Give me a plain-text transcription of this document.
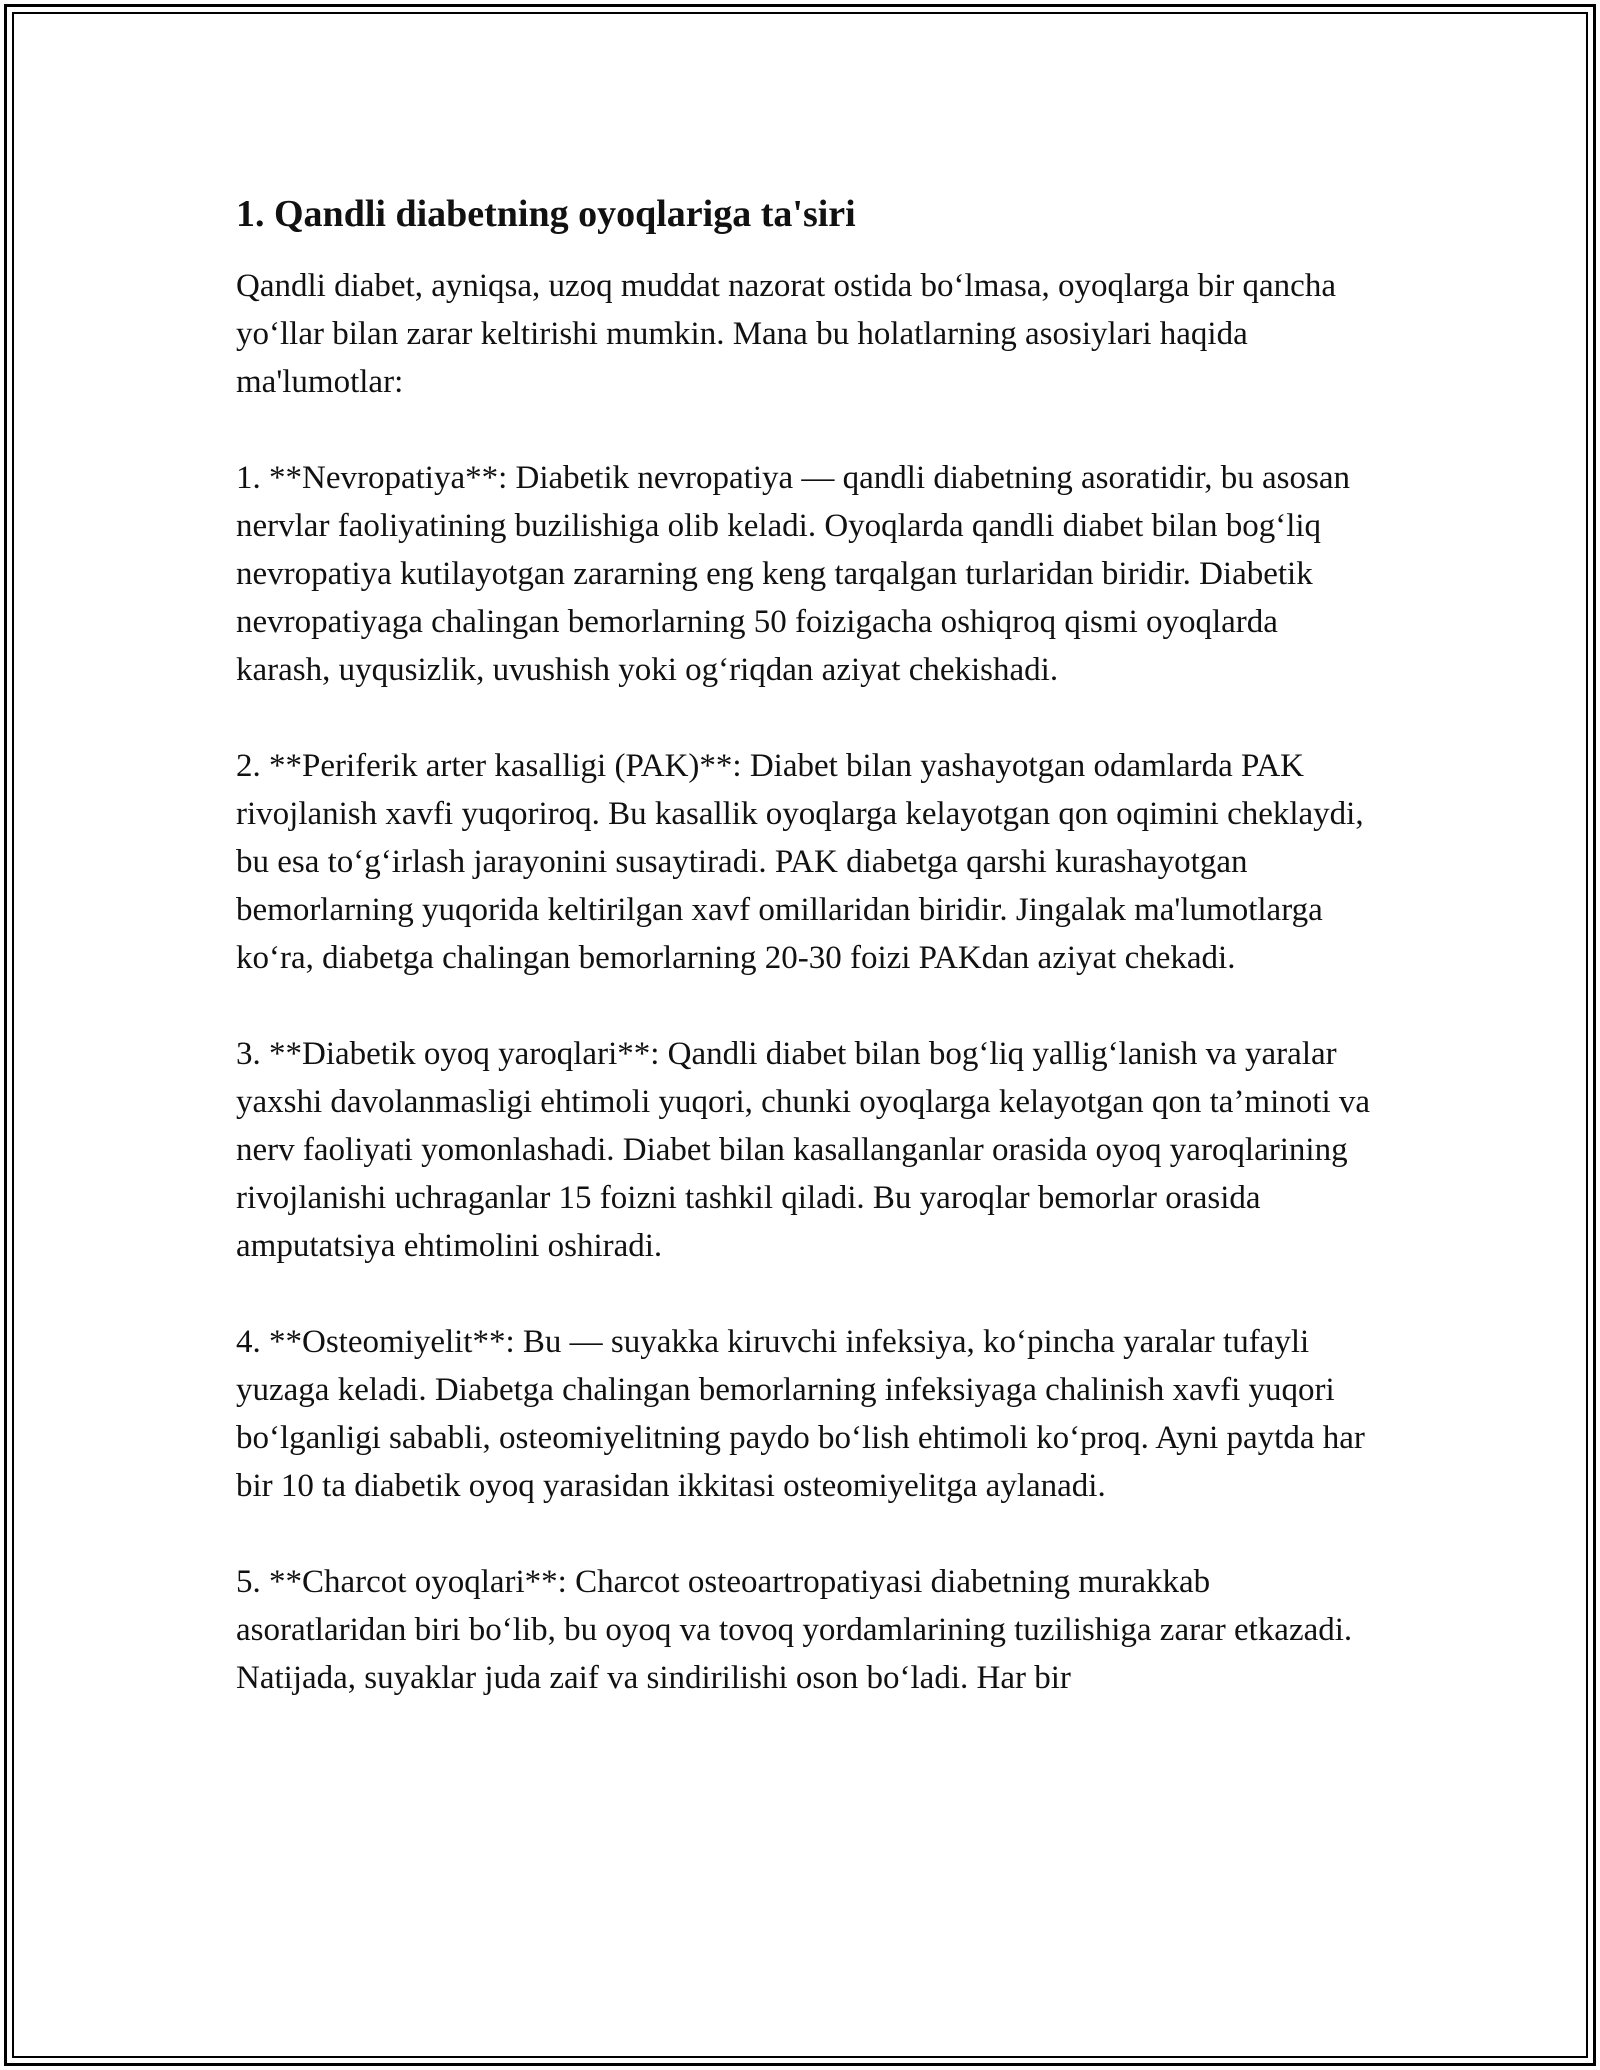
1. Qandli diabetning oyoqlariga ta'siri

Qandli diabet, ayniqsa, uzoq muddat nazorat ostida bo‘lmasa, oyoqlarga bir qancha yo‘llar bilan zarar keltirishi mumkin. Mana bu holatlarning asosiylari haqida ma'lumotlar:

1. **Nevropatiya**: Diabetik nevropatiya — qandli diabetning asoratidir, bu asosan nervlar faoliyatining buzilishiga olib keladi. Oyoqlarda qandli diabet bilan bog‘liq nevropatiya kutilayotgan zararning eng keng tarqalgan turlaridan biridir. Diabetik nevropatiyaga chalingan bemorlarning 50 foizigacha oshiqroq qismi oyoqlarda karash, uyqusizlik, uvushish yoki og‘riqdan aziyat chekishadi.

2. **Periferik arter kasalligi (PAK)**: Diabet bilan yashayotgan odamlarda PAK rivojlanish xavfi yuqoriroq. Bu kasallik oyoqlarga kelayotgan qon oqimini cheklaydi, bu esa to‘g‘irlash jarayonini susaytiradi. PAK diabetga qarshi kurashayotgan bemorlarning yuqorida keltirilgan xavf omillaridan biridir. Jingalak ma'lumotlarga ko‘ra, diabetga chalingan bemorlarning 20-30 foizi PAKdan aziyat chekadi.

3. **Diabetik oyoq yaroqlari**: Qandli diabet bilan bog‘liq yallig‘lanish va yaralar yaxshi davolanmasligi ehtimoli yuqori, chunki oyoqlarga kelayotgan qon ta’minoti va nerv faoliyati yomonlashadi. Diabet bilan kasallanganlar orasida oyoq yaroqlarining rivojlanishi uchraganlar 15 foizni tashkil qiladi. Bu yaroqlar bemorlar orasida amputatsiya ehtimolini oshiradi.

4. **Osteomiyelit**: Bu — suyakka kiruvchi infeksiya, ko‘pincha yaralar tufayli yuzaga keladi. Diabetga chalingan bemorlarning infeksiyaga chalinish xavfi yuqori bo‘lganligi sababli, osteomiyelitning paydo bo‘lish ehtimoli ko‘proq. Ayni paytda har bir 10 ta diabetik oyoq yarasidan ikkitasi osteomiyelitga aylanadi.

5. **Charcot oyoqlari**: Charcot osteoartropatiyasi diabetning murakkab asoratlaridan biri bo‘lib, bu oyoq va tovoq yordamlarining tuzilishiga zarar etkazadi. Natijada, suyaklar juda zaif va sindirilishi oson bo‘ladi. Har bir
